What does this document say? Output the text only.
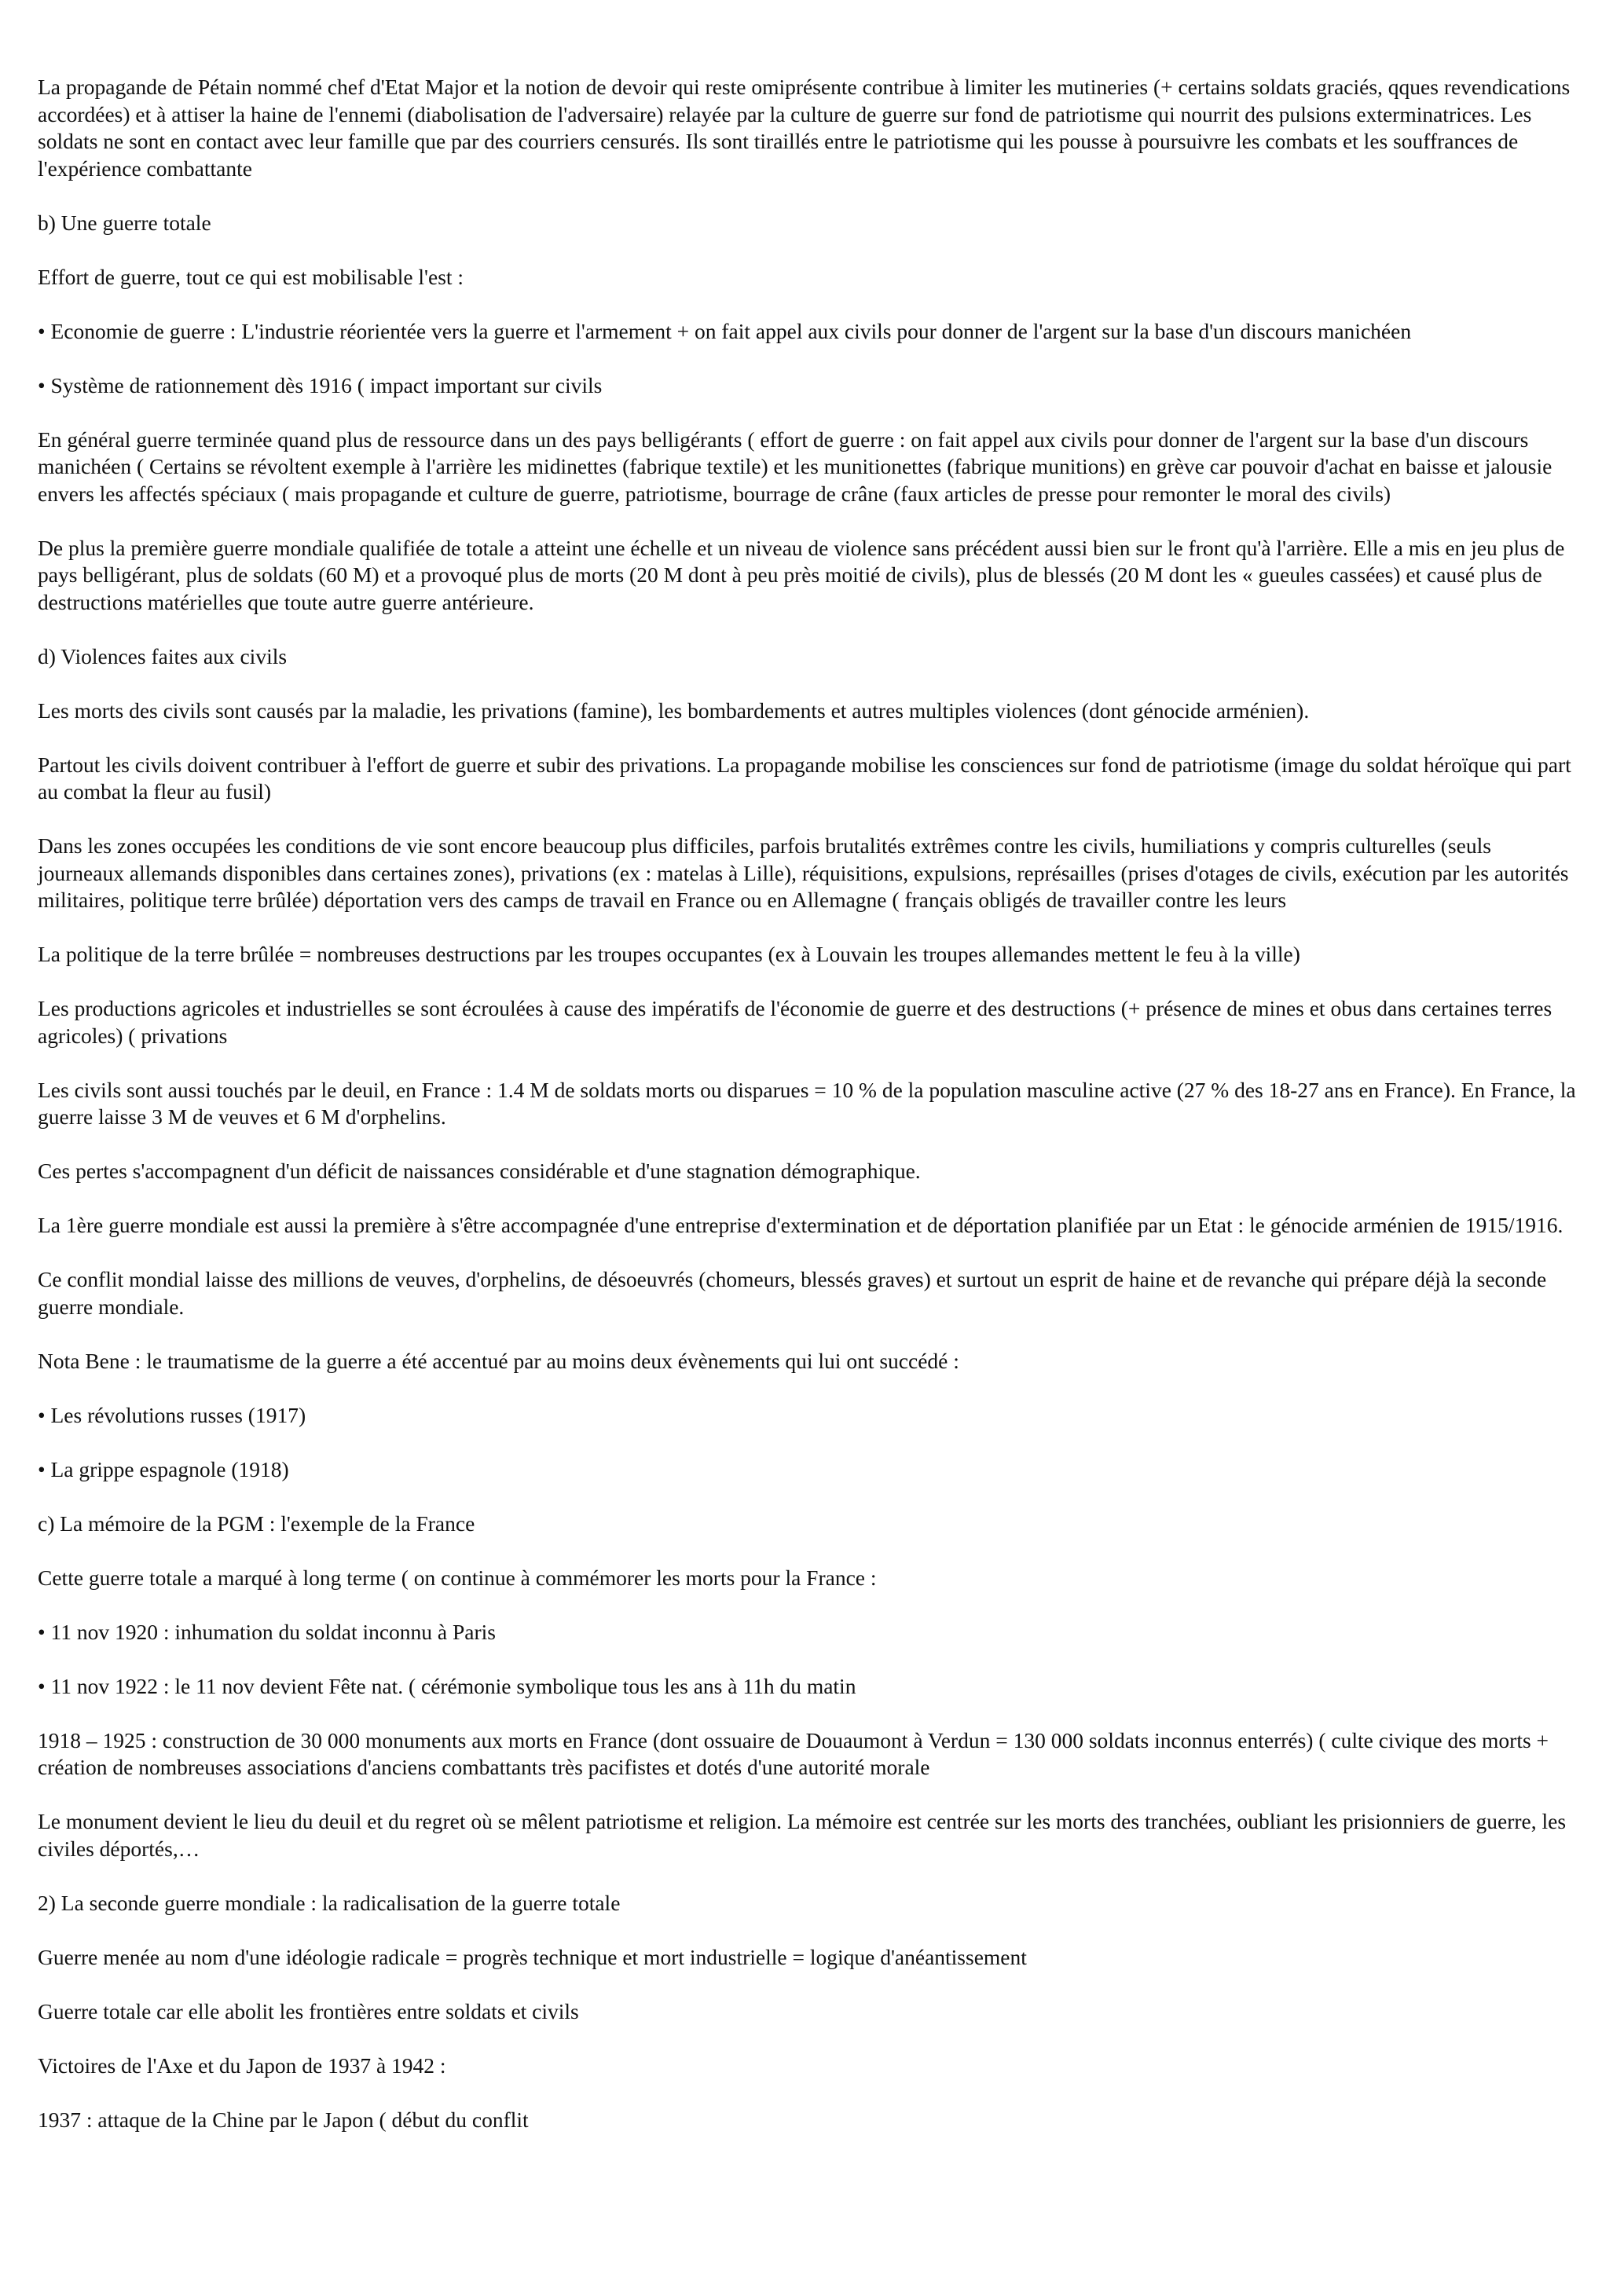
La propagande de Pétain nommé chef d'Etat Major et la notion de devoir qui reste omiprésente contribue à limiter les mutineries (+ certains soldats graciés, qques revendications accordées) et à attiser la haine de l'ennemi (diabolisation de l'adversaire) relayée par la culture de guerre sur fond de patriotisme qui nourrit des pulsions exterminatrices. Les soldats ne sont en contact avec leur famille que par des courriers censurés. Ils sont tiraillés entre le patriotisme qui les pousse à poursuivre les combats et les souffrances de l'expérience combattante

b) Une guerre totale

Effort de guerre, tout ce qui est mobilisable l'est :

• Economie de guerre : L'industrie réorientée vers la guerre et l'armement + on fait appel aux civils pour donner de l'argent sur la base d'un discours manichéen

• Système de rationnement dès 1916 ( impact important sur civils

En général guerre terminée quand plus de ressource dans un des pays belligérants ( effort de guerre : on fait appel aux civils pour donner de l'argent sur la base d'un discours manichéen ( Certains se révoltent exemple à l'arrière les midinettes (fabrique textile) et les munitionettes (fabrique munitions) en grève car pouvoir d'achat en baisse et jalousie envers les affectés spéciaux ( mais propagande et culture de guerre, patriotisme, bourrage de crâne (faux articles de presse pour remonter le moral des civils)

De plus la première guerre mondiale qualifiée de totale a atteint une échelle et un niveau de violence sans précédent aussi bien sur le front qu'à l'arrière. Elle a mis en jeu plus de pays belligérant, plus de soldats (60 M) et a provoqué plus de morts (20 M dont à peu près moitié de civils), plus de blessés (20 M dont les « gueules cassées) et causé plus de destructions matérielles que toute autre guerre antérieure.

d) Violences faites aux civils

Les morts des civils sont causés par la maladie, les privations (famine), les bombardements et autres multiples violences (dont génocide arménien).

Partout les civils doivent contribuer à l'effort de guerre et subir des privations. La propagande mobilise les consciences sur fond de patriotisme (image du soldat héroïque qui part au combat la fleur au fusil)

Dans les zones occupées les conditions de vie sont encore beaucoup plus difficiles, parfois brutalités extrêmes contre les civils, humiliations y compris culturelles (seuls journeaux allemands disponibles dans certaines zones), privations (ex : matelas à Lille), réquisitions, expulsions, représailles (prises d'otages de civils, exécution par les autorités militaires, politique terre brûlée) déportation vers des camps de travail en France ou en Allemagne ( français obligés de travailler contre les leurs

La politique de la terre brûlée = nombreuses destructions par les troupes occupantes (ex à Louvain les troupes allemandes mettent le feu à la ville)

Les productions agricoles et industrielles se sont écroulées à cause des impératifs de l'économie de guerre et des destructions (+ présence de mines et obus dans certaines terres agricoles) ( privations

Les civils sont aussi touchés par le deuil, en France : 1.4 M de soldats morts ou disparues = 10 % de la population masculine active (27 % des 18-27 ans en France). En France, la guerre laisse 3 M de veuves et 6 M d'orphelins.

Ces pertes s'accompagnent d'un déficit de naissances considérable et d'une stagnation démographique.

La 1ère guerre mondiale est aussi la première à s'être accompagnée d'une entreprise d'extermination et de déportation planifiée par un Etat : le génocide arménien de 1915/1916.

Ce conflit mondial laisse des millions de veuves, d'orphelins, de désoeuvrés (chomeurs, blessés graves) et surtout un esprit de haine et de revanche qui prépare déjà la seconde guerre mondiale.

Nota Bene : le traumatisme de la guerre a été accentué par au moins deux évènements qui lui ont succédé :

• Les révolutions russes (1917)

• La grippe espagnole (1918)

c) La mémoire de la PGM : l'exemple de la France

Cette guerre totale a marqué à long terme ( on continue à commémorer les morts pour la France :

• 11 nov 1920 : inhumation du soldat inconnu à Paris

• 11 nov 1922 : le 11 nov devient Fête nat. ( cérémonie symbolique tous les ans à 11h du matin

1918 – 1925 : construction de 30 000 monuments aux morts en France (dont ossuaire de Douaumont à Verdun = 130 000 soldats inconnus enterrés) ( culte civique des morts + création de nombreuses associations d'anciens combattants très pacifistes et dotés d'une autorité morale

Le monument devient le lieu du deuil et du regret où se mêlent patriotisme et religion. La mémoire est centrée sur les morts des tranchées, oubliant les prisionniers de guerre, les civiles déportés,…

2) La seconde guerre mondiale : la radicalisation de la guerre totale

Guerre menée au nom d'une idéologie radicale = progrès technique et mort industrielle = logique d'anéantissement

Guerre totale car elle abolit les frontières entre soldats et civils

Victoires de l'Axe et du Japon de 1937 à 1942 :

1937 : attaque de la Chine par le Japon ( début du conflit
